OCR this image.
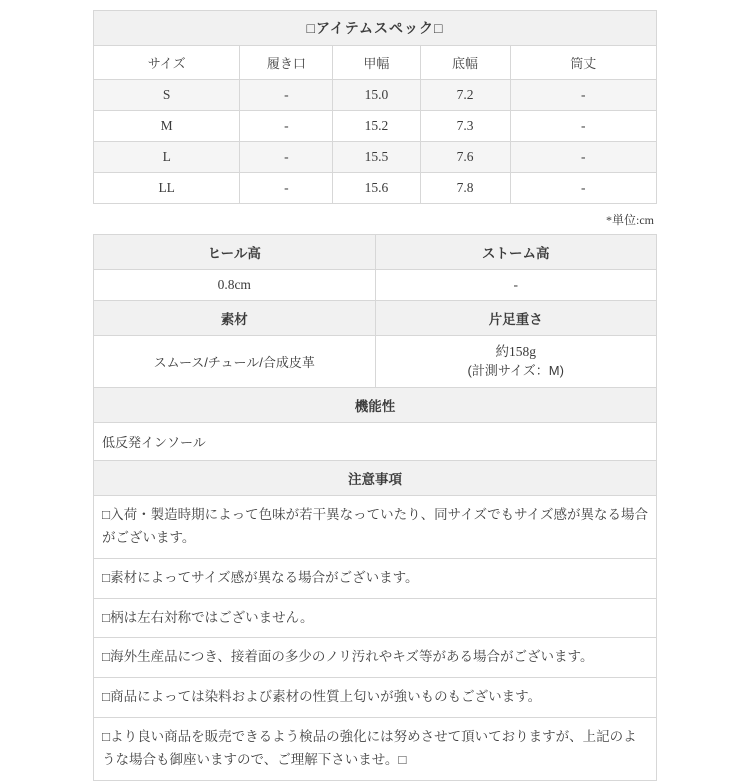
□アイテムスペック□				
サイズ	履き口	甲幅	底幅	筒丈
S	-	15.0	7.2	-
M	-	15.2	7.3	-
L	-	15.5	7.6	-
LL	-	15.6	7.8	-
*単位:cm
ヒール高	ストーム高
0.8cm	-
素材	片足重さ
スムース/チュール/合成皮革	約158g
(計測サイズ：M)
機能性	
低反発インソール	
注意事項	
□入荷・製造時期によって色味が若干異なっていたり、同サイズでもサイズ感が異なる場合がございます。	
□素材によってサイズ感が異なる場合がございます。	
□柄は左右対称ではございません。	
□海外生産品につき、接着面の多少のノリ汚れやキズ等がある場合がございます。	
□商品によっては染料および素材の性質上匂いが強いものもございます。	
□より良い商品を販売できるよう検品の強化には努めさせて頂いておりますが、上記のような場合も御座いますので、ご理解下さいませ。□	
